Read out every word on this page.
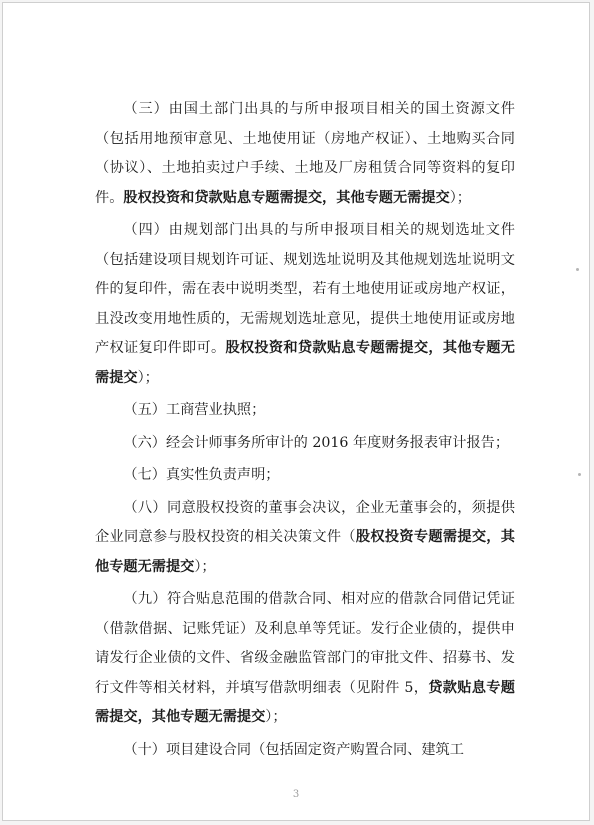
（三）由国土部门出具的与所申报项目相关的国土资源文件（包括用地预审意见、土地使用证（房地产权证）、土地购买合同（协议）、土地拍卖过户手续、土地及厂房租赁合同等资料的复印件。股权投资和贷款贴息专题需提交，其他专题无需提交）；

（四）由规划部门出具的与所申报项目相关的规划选址文件（包括建设项目规划许可证、规划选址说明及其他规划选址说明文件的复印件，需在表中说明类型，若有土地使用证或房地产权证，且没改变用地性质的，无需规划选址意见，提供土地使用证或房地产权证复印件即可。股权投资和贷款贴息专题需提交，其他专题无需提交）；

（五）工商营业执照；

（六）经会计师事务所审计的 2016 年度财务报表审计报告；

（七）真实性负责声明；

（八）同意股权投资的董事会决议，企业无董事会的，须提供企业同意参与股权投资的相关决策文件（股权投资专题需提交，其他专题无需提交）；

（九）符合贴息范围的借款合同、相对应的借款合同借记凭证（借款借据、记账凭证）及利息单等凭证。发行企业债的，提供申请发行企业债的文件、省级金融监管部门的审批文件、招募书、发行文件等相关材料，并填写借款明细表（见附件 5，贷款贴息专题需提交，其他专题无需提交）；

（十）项目建设合同（包括固定资产购置合同、建筑工

3
